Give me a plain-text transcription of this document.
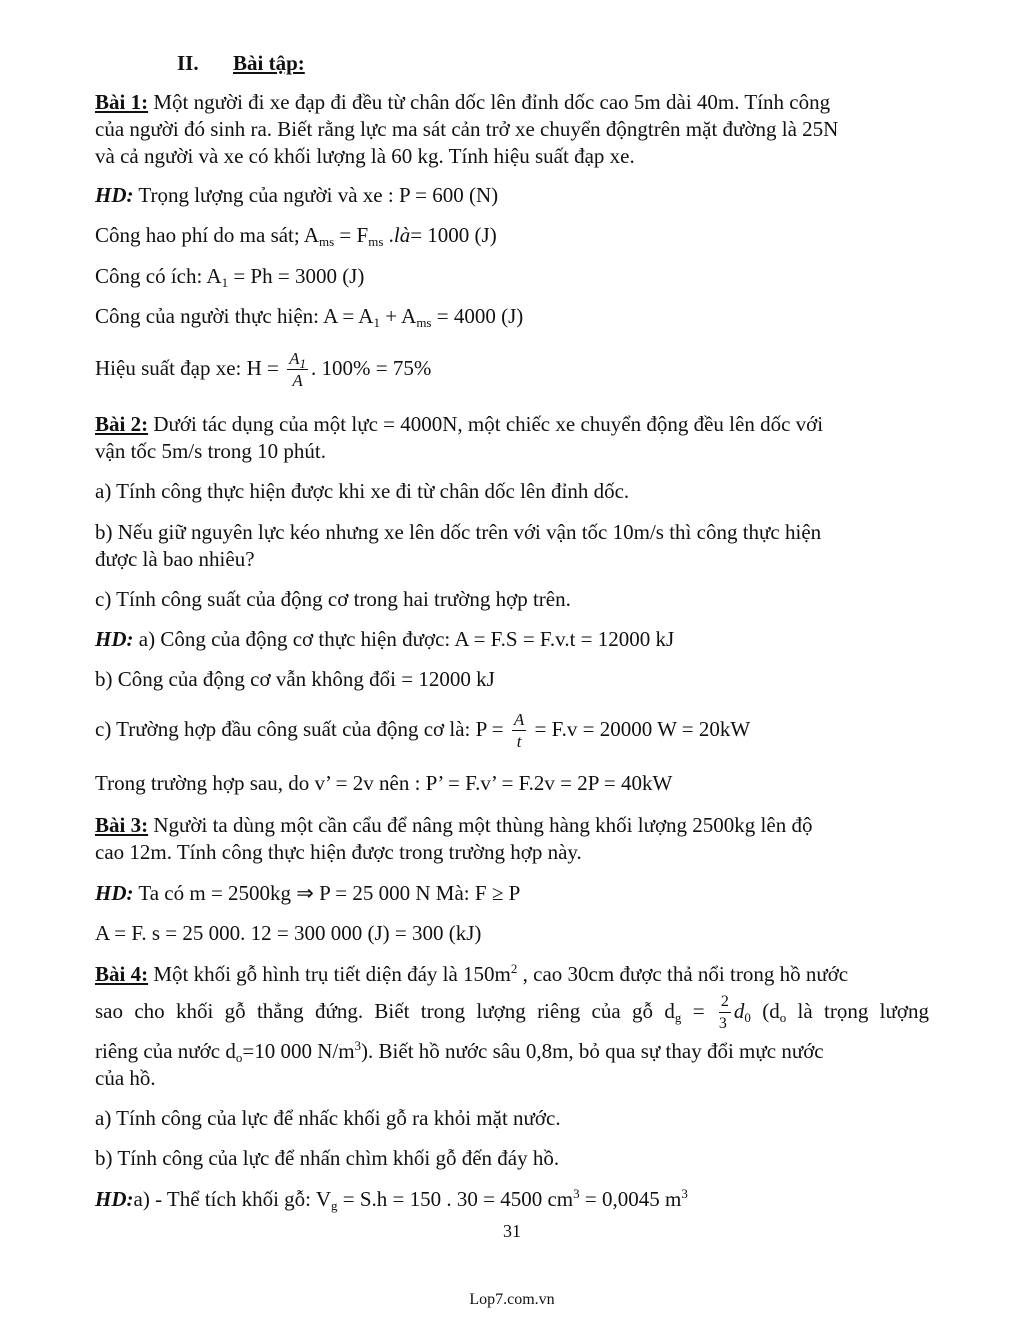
II. Bài tập:
Bài 1: Một người đi xe đạp đi đều từ chân dốc lên đỉnh dốc cao 5m dài 40m. Tính công
của người đó sinh ra. Biết rằng lực ma sát cản trở xe chuyển độngtrên mặt đường là 25N
và cả người và xe có khối lượng là 60 kg. Tính hiệu suất đạp xe.
HD: Trọng lượng của người và xe : P = 600 (N)
Công hao phí do ma sát; $A_{ms} = F_{ms}$ .là= 1000 (J)
Công có ích: $A_1 = Ph = 3000$ (J)
Công của người thực hiện: $A = A_1 + A_{ms} = 4000$ (J)
Hiệu suất đạp xe: $H = \frac{A_1}{A}$ . 100% = 75%
Bài 2: Dưới tác dụng của một lực = 4000N, một chiếc xe chuyển động đều lên dốc với
vận tốc 5m/s trong 10 phút.
a) Tính công thực hiện được khi xe đi từ chân dốc lên đỉnh dốc.
b) Nếu giữ nguyên lực kéo nhưng xe lên dốc trên với vận tốc 10m/s thì công thực hiện
được là bao nhiêu?
c) Tính công suất của động cơ trong hai trường hợp trên.
HD: a) Công của động cơ thực hiện được: A = F.S = F.v.t = 12000 kJ
b) Công của động cơ vẫn không đổi = 12000 kJ
c) Trường hợp đầu công suất của động cơ là: $P = \frac{A}{t} = F.v = 20000$ W = 20kW
Trong trường hợp sau, do v’ = 2v nên : P’ = F.v’ = F.2v = 2P = 40kW
Bài 3: Người ta dùng một cần cẩu để nâng một thùng hàng khối lượng 2500kg lên độ
cao 12m. Tính công thực hiện được trong trường hợp này.
HD: Ta có m = 2500kg ⇒ P = 25 000 N Mà: F ≥ P
A = F. s = 25 000. 12 = 300 000 (J) = 300 (kJ)
Bài 4: Một khối gỗ hình trụ tiết diện đáy là $150m^2$ , cao 30cm được thả nổi trong hồ nước
sao cho khối gỗ thẳng đứng. Biết trong lượng riêng của gỗ $d_g = \frac{2}{3} d_0$ ($d_o$ là trọng lượng
riêng của nước $d_o=10$ 000 $N/m^3$). Biết hồ nước sâu 0,8m, bỏ qua sự thay đổi mực nước
của hồ.
a) Tính công của lực để nhấc khối gỗ ra khỏi mặt nước.
b) Tính công của lực để nhấn chìm khối gỗ đến đáy hồ.
HD:a) - Thể tích khối gỗ: $V_g = S.h = 150$ . 30 = 4500 $cm^3 = 0,0045$ $m^3$
31
Lop7.com.vn
